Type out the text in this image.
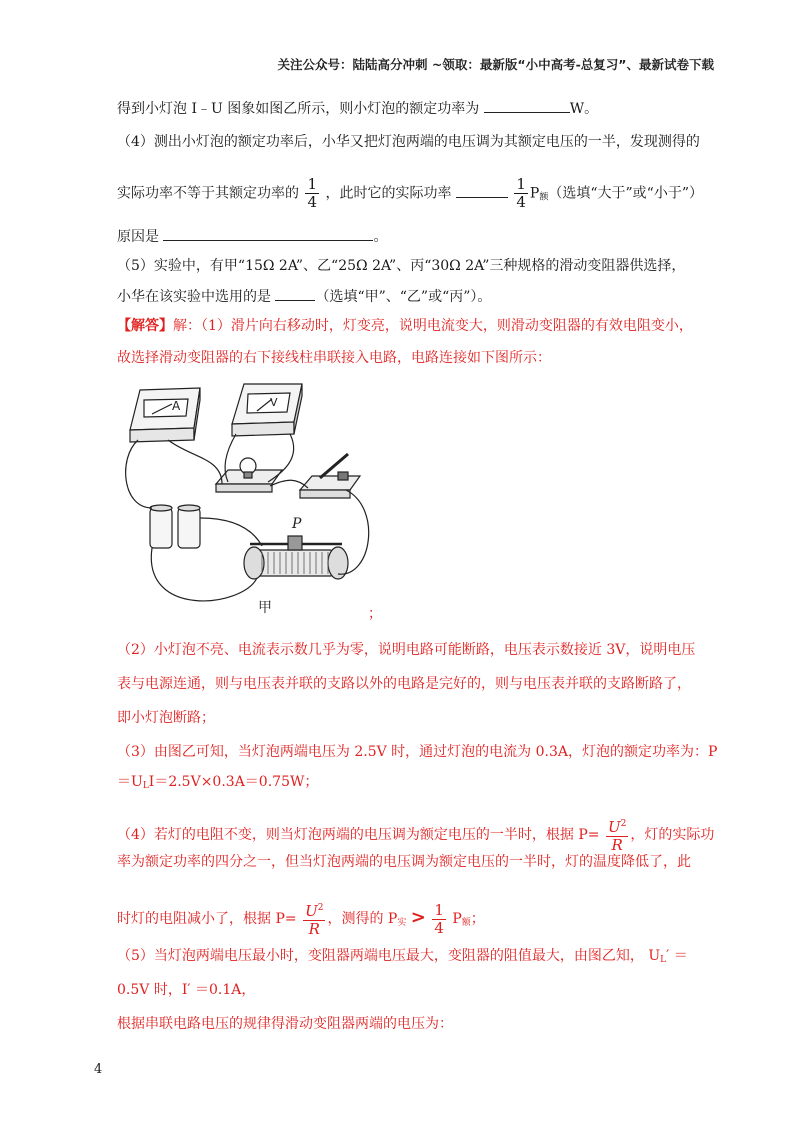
关注公众号：陆陆高分冲刺 ~领取：最新版“小中高考-总复习”、最新试卷下载
得到小灯泡 I﹣U 图象如图乙所示，则小灯泡的额定功率为	W。
（4）测出小灯泡的额定功率后，小华又把灯泡两端的电压调为其额定电压的一半，发现测得的
实际功率不等于其额定功率的 $\frac{1}{4}$ ，此时它的实际功率	$\frac{1}{4} P_额$（选填“大于”或“小于”）
原因是	。
（5）实验中，有甲“15Ω 2A”、乙“25Ω 2A”、丙“30Ω 2A”三种规格的滑动变阻器供选择，
小华在该实验中选用的是	（选填“甲”、“乙”或“丙”）。
【解答】解：（1）滑片向右移动时，灯变亮，说明电流变大，则滑动变阻器的有效电阻变小，
故选择滑动变阻器的右下接线柱串联接入电路，电路连接如下图所示：
A	V
P
甲	；
（2）小灯泡不亮、电流表示数几乎为零，说明电路可能断路，电压表示数接近 3V，说明电压
表与电源连通，则与电压表并联的支路以外的电路是完好的，则与电压表并联的支路断路了，
即小灯泡断路；
（3）由图乙可知，当灯泡两端电压为 2.5V 时，通过灯泡的电流为 0.3A，灯泡的额定功率为：P
$=U_LI=2.5V\times 0.3A=0.75W$；
（4）若灯的电阻不变，则当灯泡两端的电压调为额定电压的一半时，根据 $P= \frac{U^2}{R}$ ，灯的实际功
率为额定功率的四分之一，但当灯泡两端的电压调为额定电压的一半时，灯的温度降低了，此
时灯的电阻减小了，根据 $P= \frac{U^2}{R}$ ，测得的 $P_实 > \frac{1}{4} P_额$；
（5）当灯泡两端电压最小时，变阻器两端电压最大，变阻器的阻值最大，由图乙知， $U_L'$ ＝
0.5V 时，I′ ＝0.1A，
根据串联电路电压的规律得滑动变阻器两端的电压为：
4
